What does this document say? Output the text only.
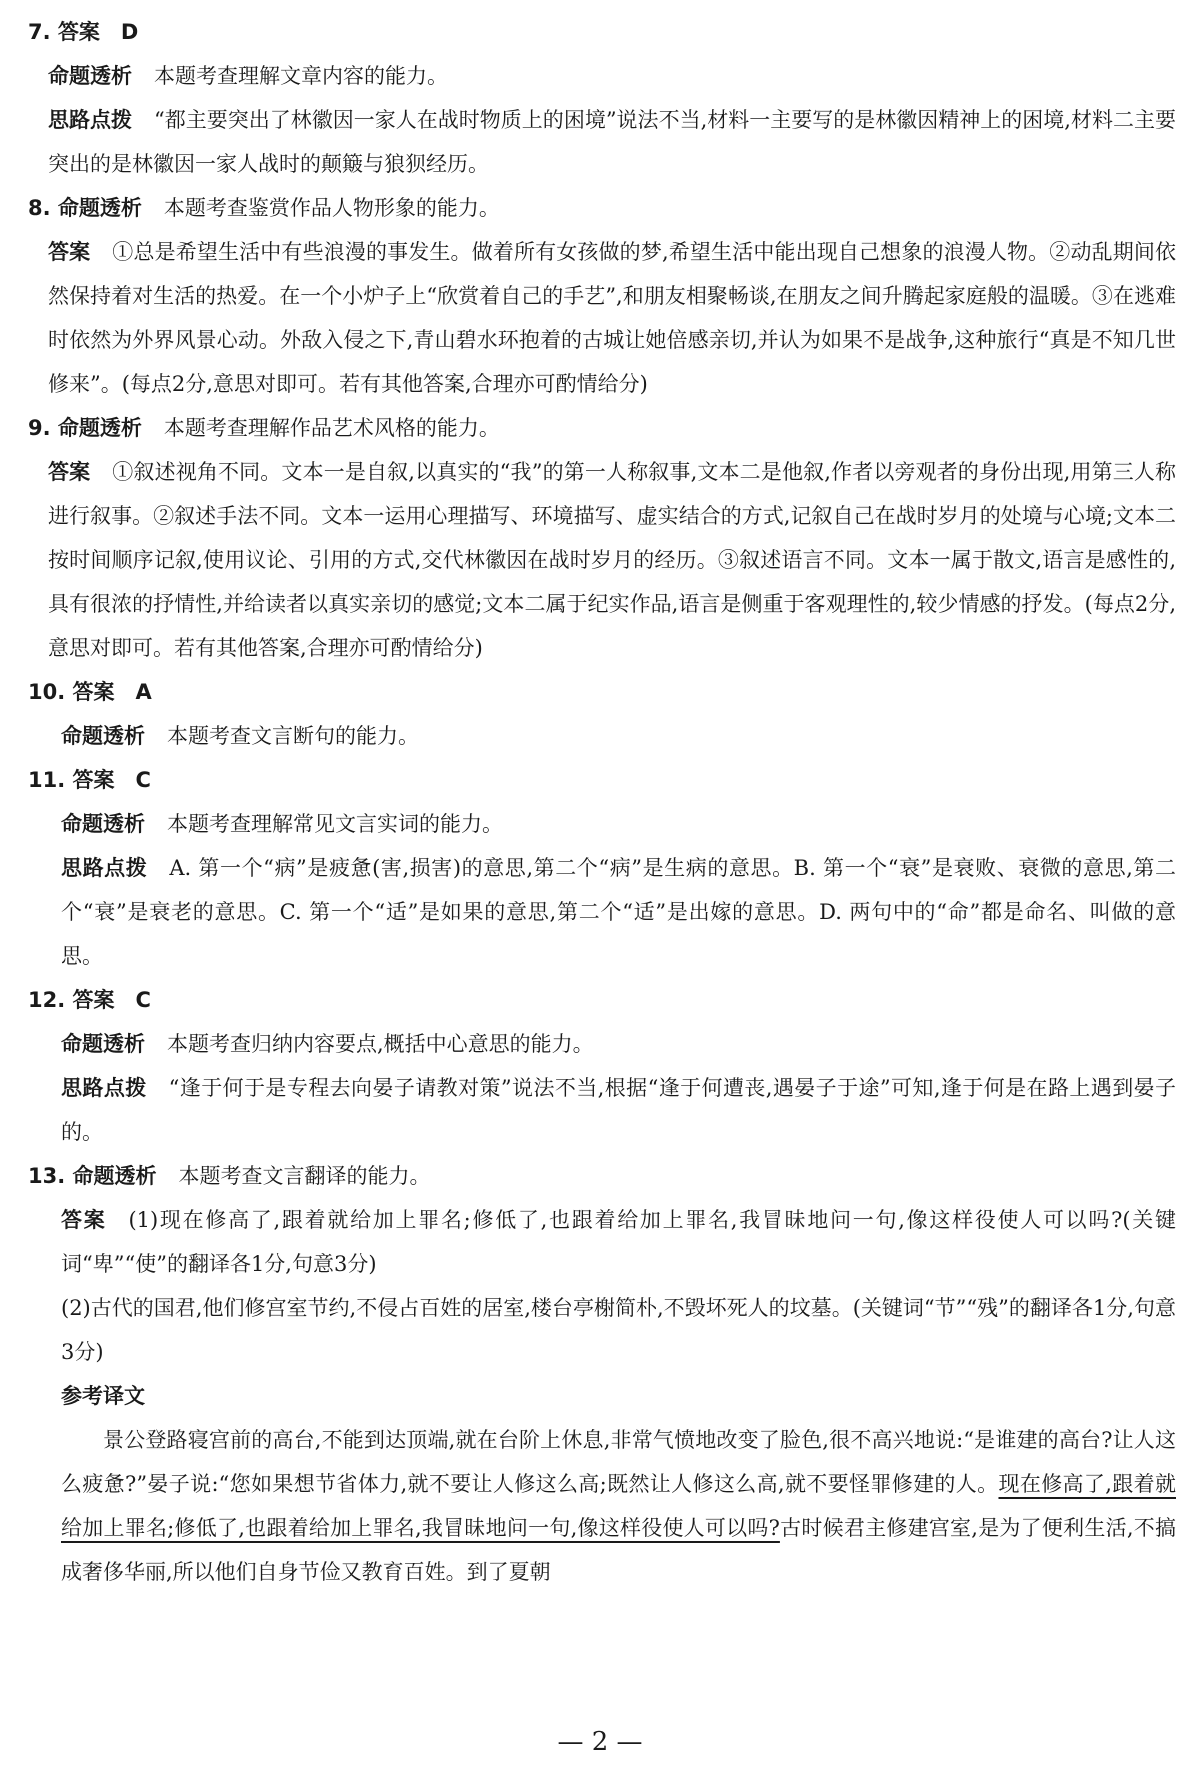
7. 答案　D
命题透析 本题考查理解文章内容的能力。
思路点拨 “都主要突出了林徽因一家人在战时物质上的困境”说法不当,材料一主要写的是林徽因精神上的困境,材料二主要突出的是林徽因一家人战时的颠簸与狼狈经历。
8. 命题透析 本题考查鉴赏作品人物形象的能力。
答案 ①总是希望生活中有些浪漫的事发生。做着所有女孩做的梦,希望生活中能出现自己想象的浪漫人物。②动乱期间依然保持着对生活的热爱。在一个小炉子上“欣赏着自己的手艺”,和朋友相聚畅谈,在朋友之间升腾起家庭般的温暖。③在逃难时依然为外界风景心动。外敌入侵之下,青山碧水环抱着的古城让她倍感亲切,并认为如果不是战争,这种旅行“真是不知几世修来”。(每点2分,意思对即可。若有其他答案,合理亦可酌情给分)
9. 命题透析 本题考查理解作品艺术风格的能力。
答案 ①叙述视角不同。文本一是自叙,以真实的“我”的第一人称叙事,文本二是他叙,作者以旁观者的身份出现,用第三人称进行叙事。②叙述手法不同。文本一运用心理描写、环境描写、虚实结合的方式,记叙自己在战时岁月的处境与心境;文本二按时间顺序记叙,使用议论、引用的方式,交代林徽因在战时岁月的经历。③叙述语言不同。文本一属于散文,语言是感性的,具有很浓的抒情性,并给读者以真实亲切的感觉;文本二属于纪实作品,语言是侧重于客观理性的,较少情感的抒发。(每点2分,意思对即可。若有其他答案,合理亦可酌情给分)
10. 答案　A
命题透析 本题考查文言断句的能力。
11. 答案　C
命题透析 本题考查理解常见文言实词的能力。
思路点拨 A. 第一个“病”是疲惫(害,损害)的意思,第二个“病”是生病的意思。B. 第一个“衰”是衰败、衰微的意思,第二个“衰”是衰老的意思。C. 第一个“适”是如果的意思,第二个“适”是出嫁的意思。D. 两句中的“命”都是命名、叫做的意思。
12. 答案　C
命题透析 本题考查归纳内容要点,概括中心意思的能力。
思路点拨 “逢于何于是专程去向晏子请教对策”说法不当,根据“逢于何遭丧,遇晏子于途”可知,逢于何是在路上遇到晏子的。
13. 命题透析 本题考查文言翻译的能力。
答案 (1)现在修高了,跟着就给加上罪名;修低了,也跟着给加上罪名,我冒昧地问一句,像这样役使人可以吗?(关键词“卑”“使”的翻译各1分,句意3分)
(2)古代的国君,他们修宫室节约,不侵占百姓的居室,楼台亭榭简朴,不毁坏死人的坟墓。(关键词“节”“残”的翻译各1分,句意3分)
参考译文
景公登路寝宫前的高台,不能到达顶端,就在台阶上休息,非常气愤地改变了脸色,很不高兴地说:“是谁建的高台?让人这么疲惫?”晏子说:“您如果想节省体力,就不要让人修这么高;既然让人修这么高,就不要怪罪修建的人。现在修高了,跟着就给加上罪名;修低了,也跟着给加上罪名,我冒昧地问一句,像这样役使人可以吗?古时候君主修建宫室,是为了便利生活,不搞成奢侈华丽,所以他们自身节俭又教育百姓。到了夏朝
— 2 —
